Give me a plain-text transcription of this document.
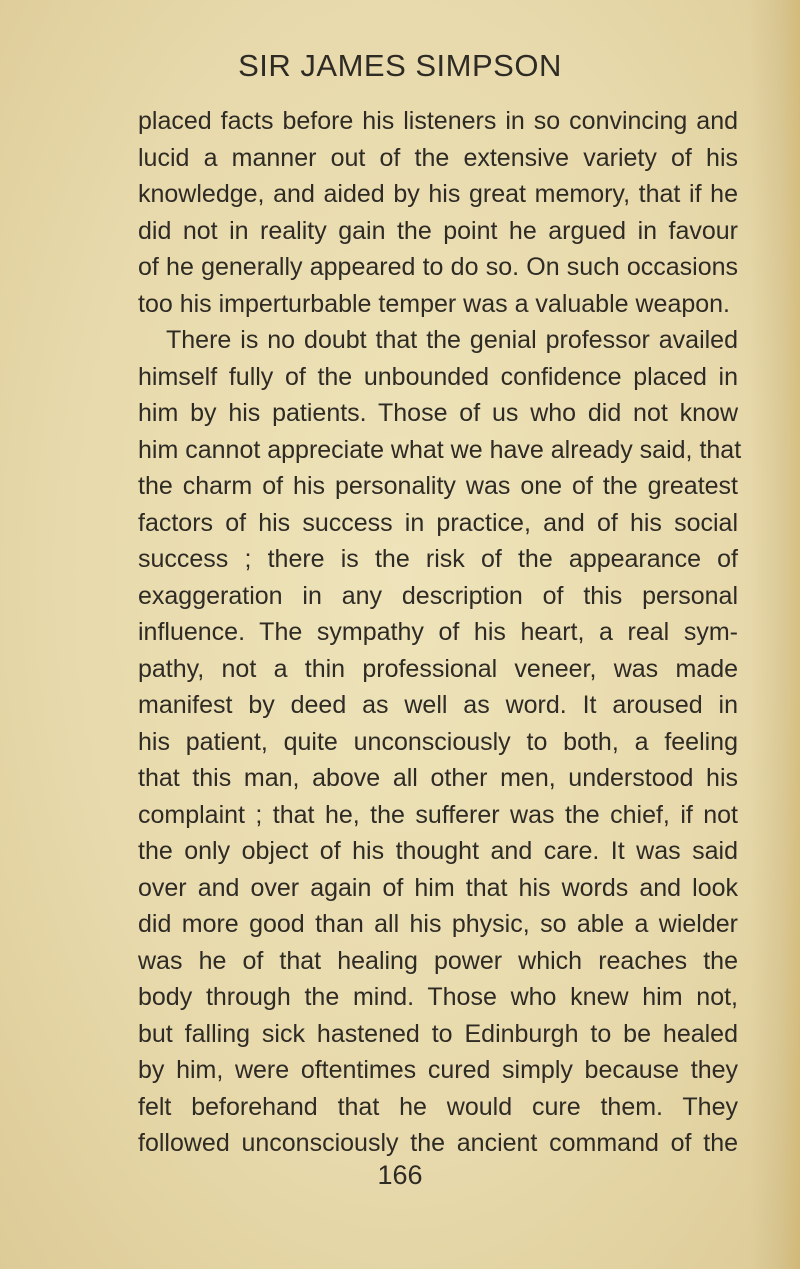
SIR JAMES SIMPSON
placed facts before his listeners in so convincing and
lucid a manner out of the extensive variety of his
knowledge, and aided by his great memory, that if he
did not in reality gain the point he argued in favour
of he generally appeared to do so. On such occasions
too his imperturbable temper was a valuable weapon.
There is no doubt that the genial professor availed
himself fully of the unbounded confidence placed in
him by his patients. Those of us who did not know
him cannot appreciate what we have already said, that
the charm of his personality was one of the greatest
factors of his success in practice, and of his social
success ; there is the risk of the appearance of
exaggeration in any description of this personal
influence. The sympathy of his heart, a real sym-
pathy, not a thin professional veneer, was made
manifest by deed as well as word. It aroused in
his patient, quite unconsciously to both, a feeling
that this man, above all other men, understood his
complaint ; that he, the sufferer was the chief, if not
the only object of his thought and care. It was said
over and over again of him that his words and look
did more good than all his physic, so able a wielder
was he of that healing power which reaches the
body through the mind. Those who knew him not,
but falling sick hastened to Edinburgh to be healed
by him, were oftentimes cured simply because they
felt beforehand that he would cure them. They
followed unconsciously the ancient command of the
166
